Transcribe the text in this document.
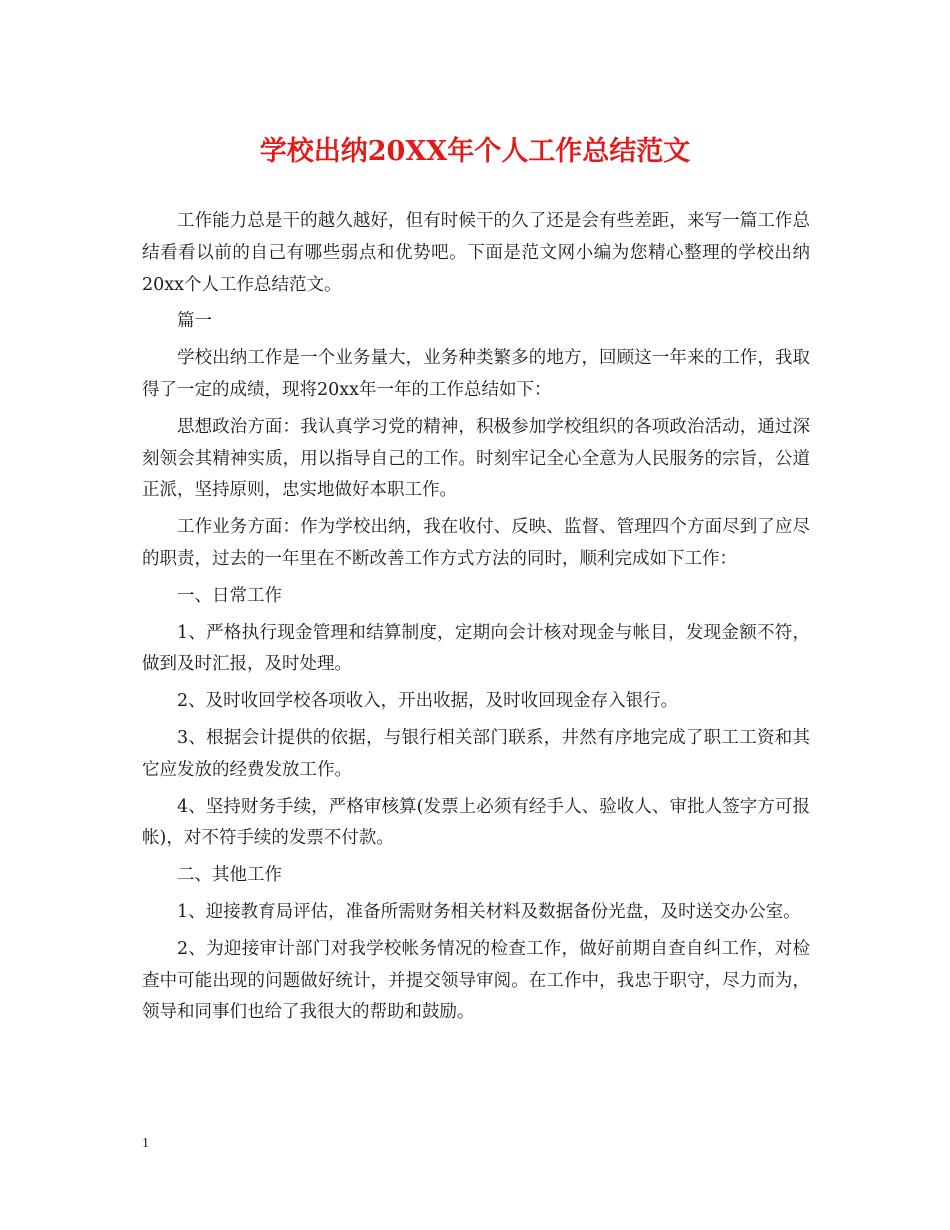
学校出纳20XX年个人工作总结范文

工作能力总是干的越久越好，但有时候干的久了还是会有些差距，来写一篇工作总结看看以前的自己有哪些弱点和优势吧。下面是范文网小编为您精心整理的学校出纳20xx个人工作总结范文。

篇一

学校出纳工作是一个业务量大，业务种类繁多的地方，回顾这一年来的工作，我取得了一定的成绩，现将20xx年一年的工作总结如下：

思想政治方面：我认真学习党的精神，积极参加学校组织的各项政治活动，通过深刻领会其精神实质，用以指导自己的工作。时刻牢记全心全意为人民服务的宗旨，公道正派，坚持原则，忠实地做好本职工作。

工作业务方面：作为学校出纳，我在收付、反映、监督、管理四个方面尽到了应尽的职责，过去的一年里在不断改善工作方式方法的同时，顺利完成如下工作：

一、日常工作

1、严格执行现金管理和结算制度，定期向会计核对现金与帐目，发现金额不符，做到及时汇报，及时处理。

2、及时收回学校各项收入，开出收据，及时收回现金存入银行。

3、根据会计提供的依据，与银行相关部门联系，井然有序地完成了职工工资和其它应发放的经费发放工作。

4、坚持财务手续，严格审核算(发票上必须有经手人、验收人、审批人签字方可报帐)，对不符手续的发票不付款。

二、其他工作

1、迎接教育局评估，准备所需财务相关材料及数据备份光盘，及时送交办公室。

2、为迎接审计部门对我学校帐务情况的检查工作，做好前期自查自纠工作，对检查中可能出现的问题做好统计，并提交领导审阅。在工作中，我忠于职守，尽力而为，领导和同事们也给了我很大的帮助和鼓励。

1
